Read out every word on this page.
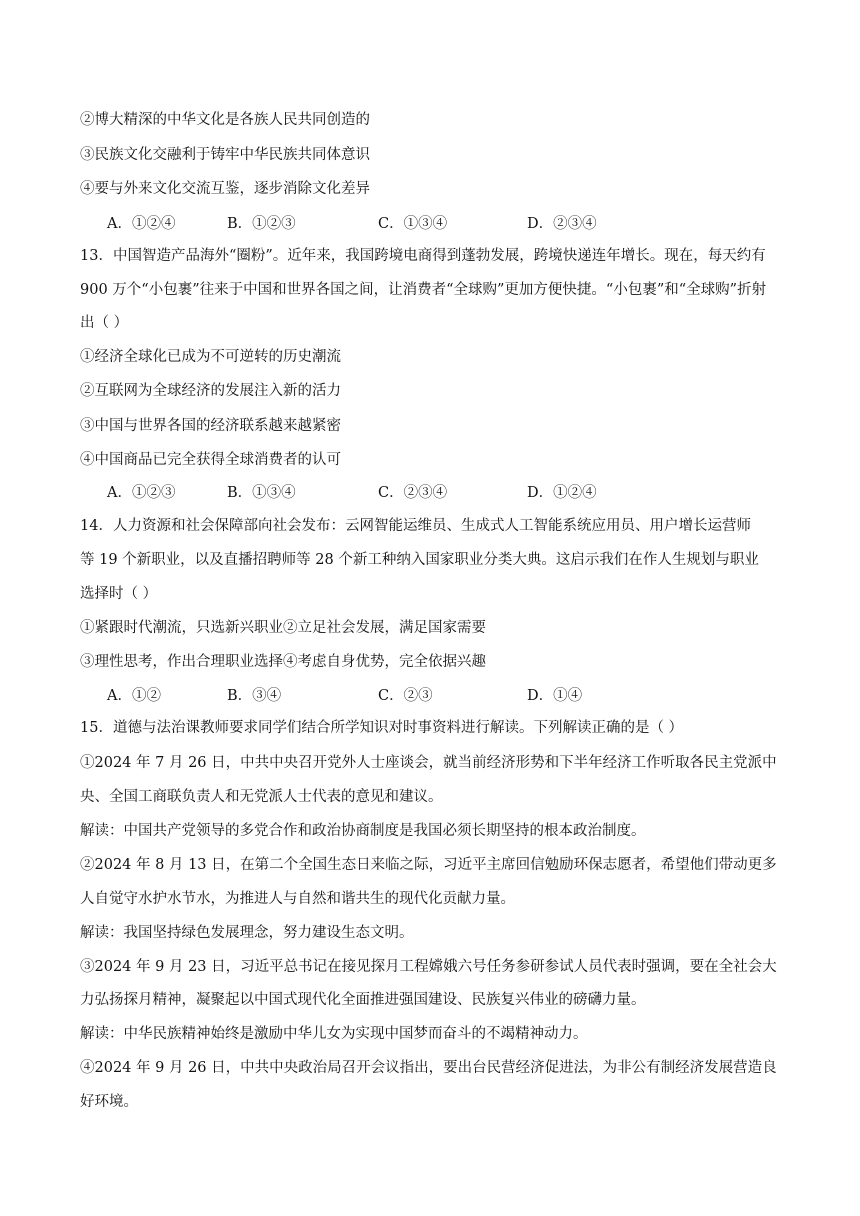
②博大精深的中华文化是各族人民共同创造的

③民族文化交融利于铸牢中华民族共同体意识

④要与外来文化交流互鉴，逐步消除文化差异

A．①②④	B．①②③	C．①③④	D．②③④

13．中国智造产品海外“圈粉”。近年来，我国跨境电商得到蓬勃发展，跨境快递连年增长。现在，每天约有

900 万个“小包裹”往来于中国和世界各国之间，让消费者“全球购”更加方便快捷。“小包裹”和“全球购”折射

出（ ）

①经济全球化已成为不可逆转的历史潮流

②互联网为全球经济的发展注入新的活力

③中国与世界各国的经济联系越来越紧密

④中国商品已完全获得全球消费者的认可

A．①②③	B．①③④	C．②③④	D．①②④

14．人力资源和社会保障部向社会发布：云网智能运维员、生成式人工智能系统应用员、用户增长运营师

等 19 个新职业，以及直播招聘师等 28 个新工种纳入国家职业分类大典。这启示我们在作人生规划与职业

选择时（ ）

①紧跟时代潮流，只选新兴职业②立足社会发展，满足国家需要

③理性思考，作出合理职业选择④考虑自身优势，完全依据兴趣

A．①②	B．③④	C．②③	D．①④

15．道德与法治课教师要求同学们结合所学知识对时事资料进行解读。下列解读正确的是（ ）

①2024 年 7 月 26 日，中共中央召开党外人士座谈会，就当前经济形势和下半年经济工作听取各民主党派中

央、全国工商联负责人和无党派人士代表的意见和建议。

解读：中国共产党领导的多党合作和政治协商制度是我国必须长期坚持的根本政治制度。

②2024 年 8 月 13 日，在第二个全国生态日来临之际，习近平主席回信勉励环保志愿者，希望他们带动更多

人自觉守水护水节水，为推进人与自然和谐共生的现代化贡献力量。

解读：我国坚持绿色发展理念，努力建设生态文明。

③2024 年 9 月 23 日，习近平总书记在接见探月工程嫦娥六号任务参研参试人员代表时强调，要在全社会大

力弘扬探月精神，凝聚起以中国式现代化全面推进强国建设、民族复兴伟业的磅礴力量。

解读：中华民族精神始终是激励中华儿女为实现中国梦而奋斗的不竭精神动力。

④2024 年 9 月 26 日，中共中央政治局召开会议指出，要出台民营经济促进法，为非公有制经济发展营造良

好环境。
